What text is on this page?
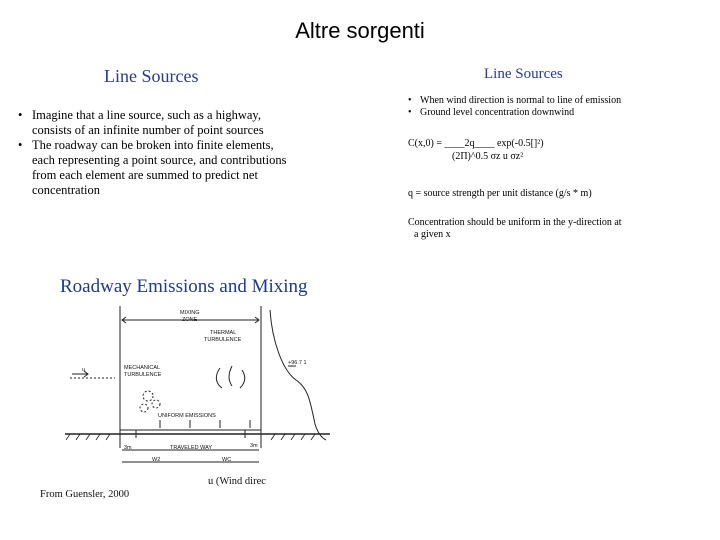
Altre sorgenti
Line Sources
• Imagine that a line source, such as a highway, consists of an infinite number of point sources
• The roadway can be broken into finite elements, each representing a point source, and contributions from each element are summed to predict net concentration
Line Sources
• When wind direction is normal to line of emission
• Ground level concentration downwind
C(x,0) = ____2q____ exp(-0.5[]²)
(2Π)^0.5 σz u σz²
q = source strength per unit distance (g/s * m)
Concentration should be uniform in the y-direction at
a given x
Roadway Emissions and Mixing
MIXING
ZONE
THERMAL
TURBULENCE
MECHANICAL
TURBULENCE
UNIFORM EMISSIONS
TRAVELED WAY
3m	3m
W2	WC
+96.7 1
u
From Guensler, 2000
u (Wind direc
